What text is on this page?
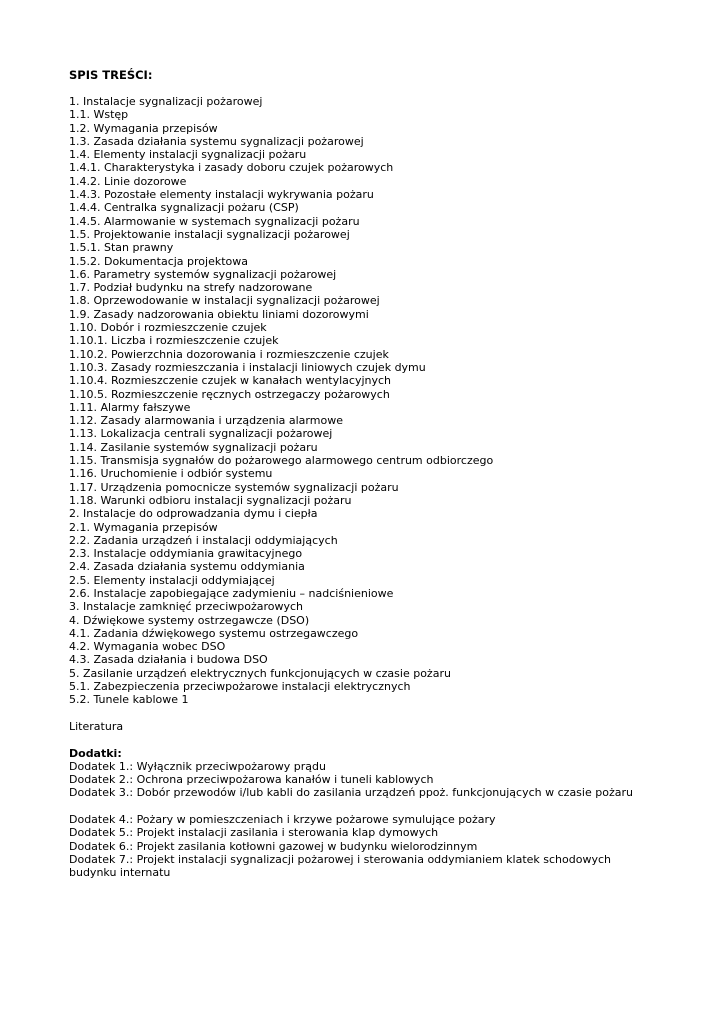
SPIS TREŚCI:
1. Instalacje sygnalizacji pożarowej
1.1. Wstęp
1.2. Wymagania przepisów
1.3. Zasada działania systemu sygnalizacji pożarowej
1.4. Elementy instalacji sygnalizacji pożaru
1.4.1. Charakterystyka i zasady doboru czujek pożarowych
1.4.2. Linie dozorowe
1.4.3. Pozostałe elementy instalacji wykrywania pożaru
1.4.4. Centralka sygnalizacji pożaru (CSP)
1.4.5. Alarmowanie w systemach sygnalizacji pożaru
1.5. Projektowanie instalacji sygnalizacji pożarowej
1.5.1. Stan prawny
1.5.2. Dokumentacja projektowa
1.6. Parametry systemów sygnalizacji pożarowej
1.7. Podział budynku na strefy nadzorowane
1.8. Oprzewodowanie w instalacji sygnalizacji pożarowej
1.9. Zasady nadzorowania obiektu liniami dozorowymi
1.10. Dobór i rozmieszczenie czujek
1.10.1. Liczba i rozmieszczenie czujek
1.10.2. Powierzchnia dozorowania i rozmieszczenie czujek
1.10.3. Zasady rozmieszczania i instalacji liniowych czujek dymu
1.10.4. Rozmieszczenie czujek w kanałach wentylacyjnych
1.10.5. Rozmieszczenie ręcznych ostrzegaczy pożarowych
1.11. Alarmy fałszywe
1.12. Zasady alarmowania i urządzenia alarmowe
1.13. Lokalizacja centrali sygnalizacji pożarowej
1.14. Zasilanie systemów sygnalizacji pożaru
1.15. Transmisja sygnałów do pożarowego alarmowego centrum odbiorczego
1.16. Uruchomienie i odbiór systemu
1.17. Urządzenia pomocnicze systemów sygnalizacji pożaru
1.18. Warunki odbioru instalacji sygnalizacji pożaru
2. Instalacje do odprowadzania dymu i ciepła
2.1. Wymagania przepisów
2.2. Zadania urządzeń i instalacji oddymiających
2.3. Instalacje oddymiania grawitacyjnego
2.4. Zasada działania systemu oddymiania
2.5. Elementy instalacji oddymiającej
2.6. Instalacje zapobiegające zadymieniu – nadciśnieniowe
3. Instalacje zamknięć przeciwpożarowych
4. Dźwiękowe systemy ostrzegawcze (DSO)
4.1. Zadania dźwiękowego systemu ostrzegawczego
4.2. Wymagania wobec DSO
4.3. Zasada działania i budowa DSO
5. Zasilanie urządzeń elektrycznych funkcjonujących w czasie pożaru
5.1. Zabezpieczenia przeciwpożarowe instalacji elektrycznych
5.2. Tunele kablowe 1
Literatura
Dodatki:
Dodatek 1.: Wyłącznik przeciwpożarowy prądu
Dodatek 2.: Ochrona przeciwpożarowa kanałów i tuneli kablowych
Dodatek 3.: Dobór przewodów i/lub kabli do zasilania urządzeń ppoż. funkcjonujących w czasie pożaru
Dodatek 4.: Pożary w pomieszczeniach i krzywe pożarowe symulujące pożary
Dodatek 5.: Projekt instalacji zasilania i sterowania klap dymowych
Dodatek 6.: Projekt zasilania kotłowni gazowej w budynku wielorodzinnym
Dodatek 7.: Projekt instalacji sygnalizacji pożarowej i sterowania oddymianiem klatek schodowych budynku internatu
